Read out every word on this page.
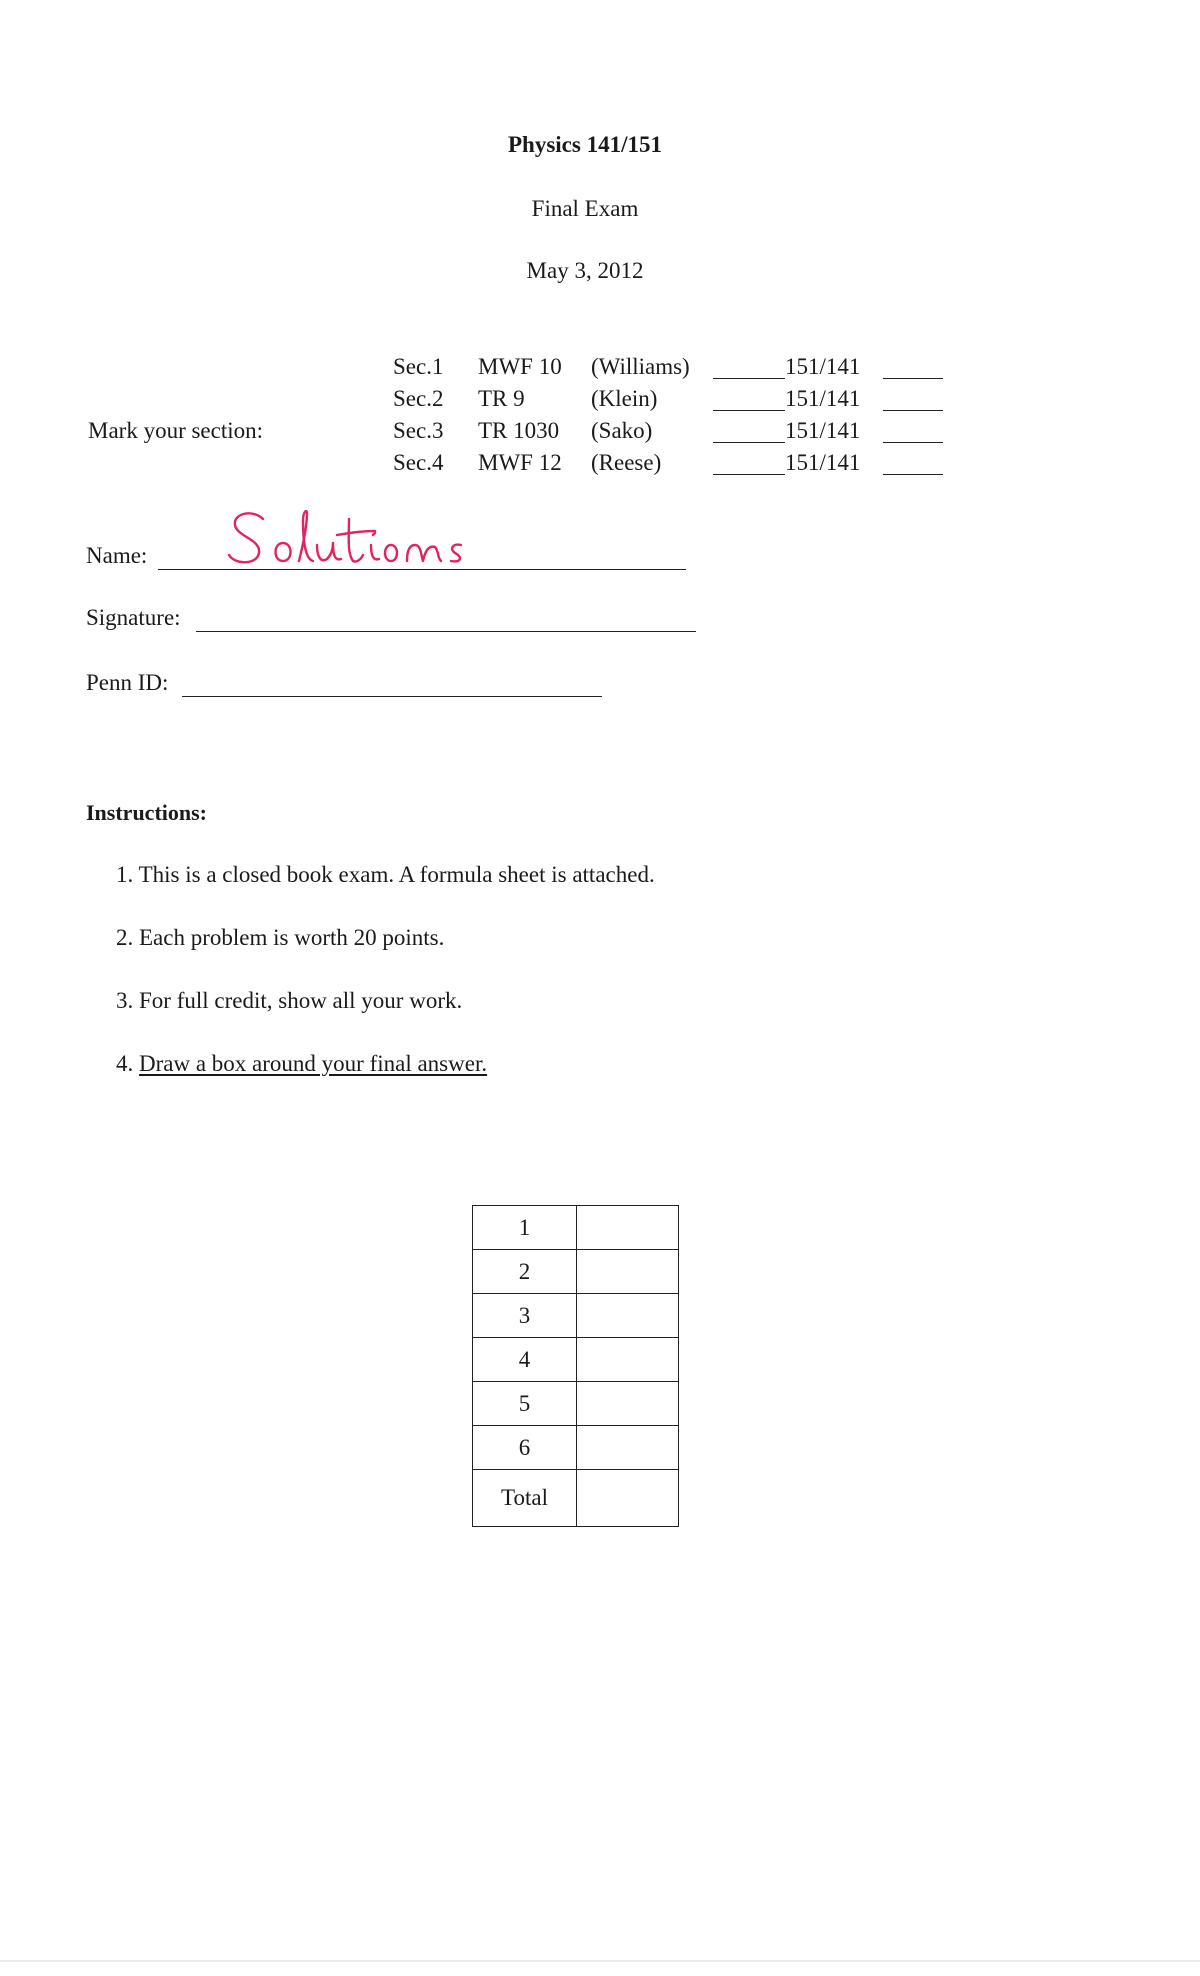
Physics 141/151
Final Exam
May 3, 2012
Mark your section:
Sec.1 MWF 10 (Williams)	151/141
Sec.2 TR 9	(Klein)	151/141
Sec.3 TR 1030 (Sako)	151/141
Sec.4 MWF 12 (Reese)	151/141
Name:
Signature:
Penn ID:
Instructions:
1. This is a closed book exam. A formula sheet is attached.
2. Each problem is worth 20 points.
3. For full credit, show all your work.
4. Draw a box around your final answer.
1	
2	
3	
4	
5	
6	
Total	
